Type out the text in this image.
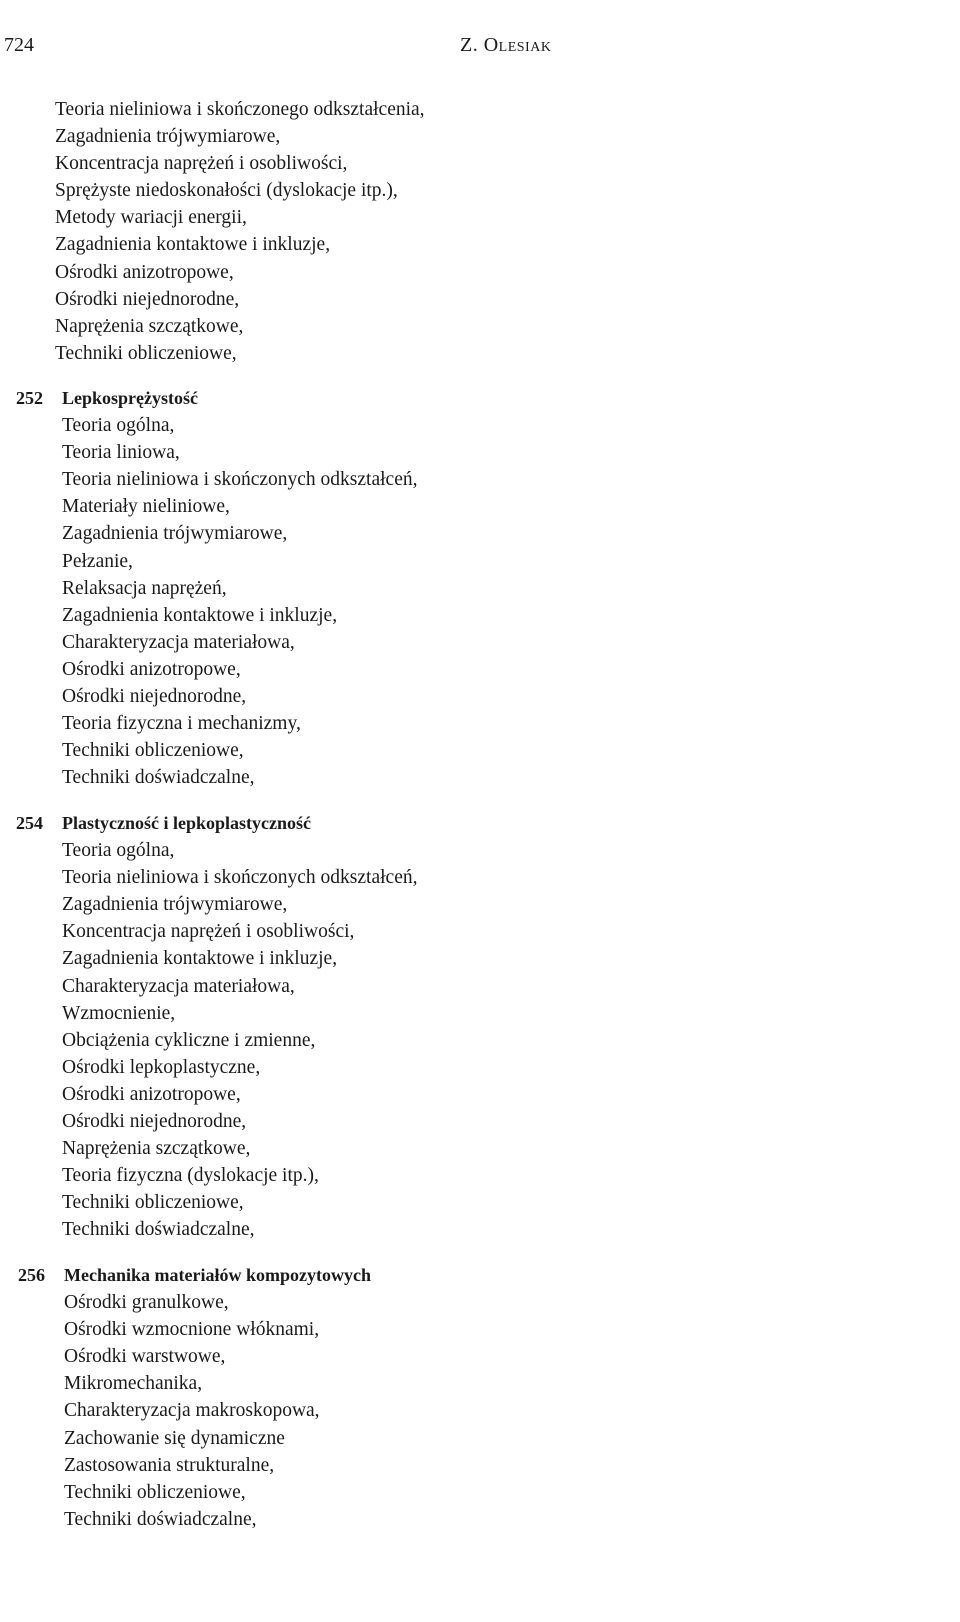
724	Z. Olesiak
Teoria nieliniowa i skończonego odkształcenia,
Zagadnienia trójwymiarowe,
Koncentracja naprężeń i osobliwości,
Sprężyste niedoskonałości (dyslokacje itp.),
Metody wariacji energii,
Zagadnienia kontaktowe i inkluzje,
Ośrodki anizotropowe,
Ośrodki niejednorodne,
Naprężenia szczątkowe,
Techniki obliczeniowe,
252 Lepkosprężystość
Teoria ogólna,
Teoria liniowa,
Teoria nieliniowa i skończonych odkształceń,
Materiały nieliniowe,
Zagadnienia trójwymiarowe,
Pełzanie,
Relaksacja naprężeń,
Zagadnienia kontaktowe i inkluzje,
Charakteryzacja materiałowa,
Ośrodki anizotropowe,
Ośrodki niejednorodne,
Teoria fizyczna i mechanizmy,
Techniki obliczeniowe,
Techniki doświadczalne,
254 Plastyczność i lepkoplastyczność
Teoria ogólna,
Teoria nieliniowa i skończonych odkształceń,
Zagadnienia trójwymiarowe,
Koncentracja naprężeń i osobliwości,
Zagadnienia kontaktowe i inkluzje,
Charakteryzacja materiałowa,
Wzmocnienie,
Obciążenia cykliczne i zmienne,
Ośrodki lepkoplastyczne,
Ośrodki anizotropowe,
Ośrodki niejednorodne,
Naprężenia szczątkowe,
Teoria fizyczna (dyslokacje itp.),
Techniki obliczeniowe,
Techniki doświadczalne,
256 Mechanika materiałów kompozytowych
Ośrodki granulkowe,
Ośrodki wzmocnione włóknami,
Ośrodki warstwowe,
Mikromechanika,
Charakteryzacja makroskopowa,
Zachowanie się dynamiczne
Zastosowania strukturalne,
Techniki obliczeniowe,
Techniki doświadczalne,
